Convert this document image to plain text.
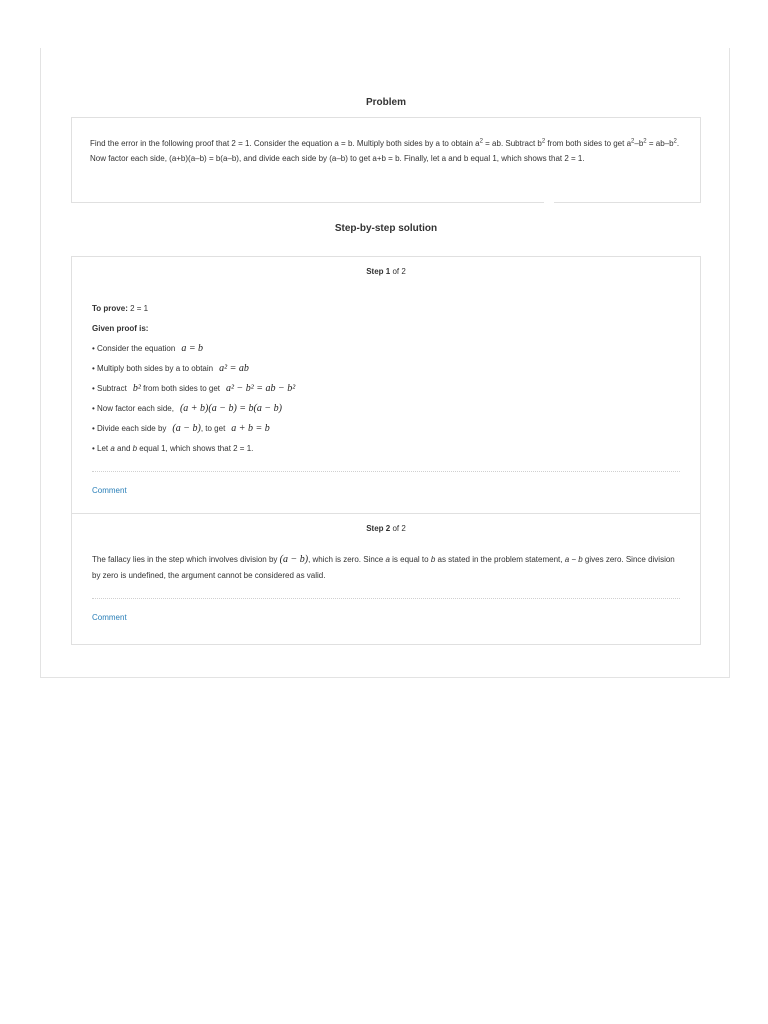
Problem
Find the error in the following proof that 2 = 1. Consider the equation a = b. Multiply both sides by a to obtain $a^2$ = ab. Subtract $b^2$ from both sides to get $a^2-b^2 = ab-b^2$. Now factor each side, (a+b)(a–b) = b(a–b), and divide each side by (a–b) to get a+b = b. Finally, let a and b equal 1, which shows that 2 = 1.
Step-by-step solution
Step 1 of 2
To prove: 2 = 1
Given proof is:
• Consider the equation a = b
• Multiply both sides by a to obtain a² = ab
• Subtract b² from both sides to get a² − b² = ab − b²
• Now factor each side, (a + b)(a − b) = b(a − b)
• Divide each side by (a − b), to get a + b = b
• Let a and b equal 1, which shows that 2 = 1.
Comment
Step 2 of 2
The fallacy lies in the step which involves division by (a − b), which is zero. Since a is equal to b as stated in the problem statement, a − b gives zero. Since division by zero is undefined, the argument cannot be considered as valid.
Comment
